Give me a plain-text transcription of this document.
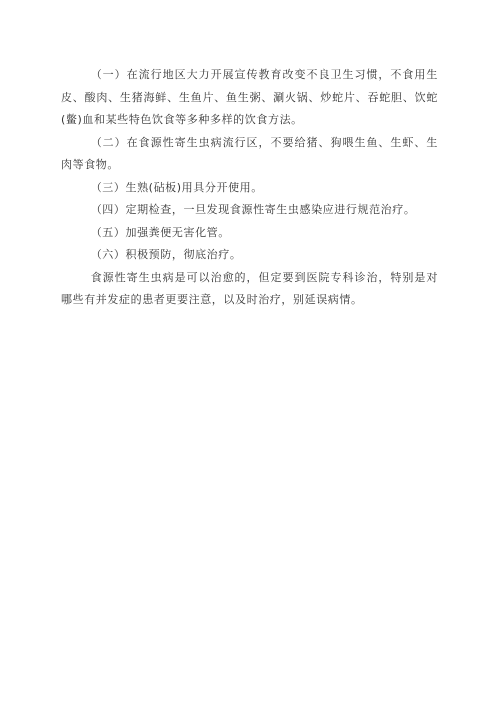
（一）在流行地区大力开展宣传教育改变不良卫生习惯，不食用生皮、酸肉、生猪海鲜、生鱼片、鱼生粥、涮火锅、炒蛇片、吞蛇胆、饮蛇(鳖)血和某些特色饮食等多种多样的饮食方法。

（二）在食源性寄生虫病流行区，不要给猪、狗喂生鱼、生虾、生肉等食物。

（三）生熟(砧板)用具分开使用。

（四）定期检查，一旦发现食源性寄生虫感染应进行规范治疗。

（五）加强粪便无害化管。

（六）积极预防，彻底治疗。

食源性寄生虫病是可以治愈的，但定要到医院专科诊治，特别是对哪些有并发症的患者更要注意，以及时治疗，别延误病情。
